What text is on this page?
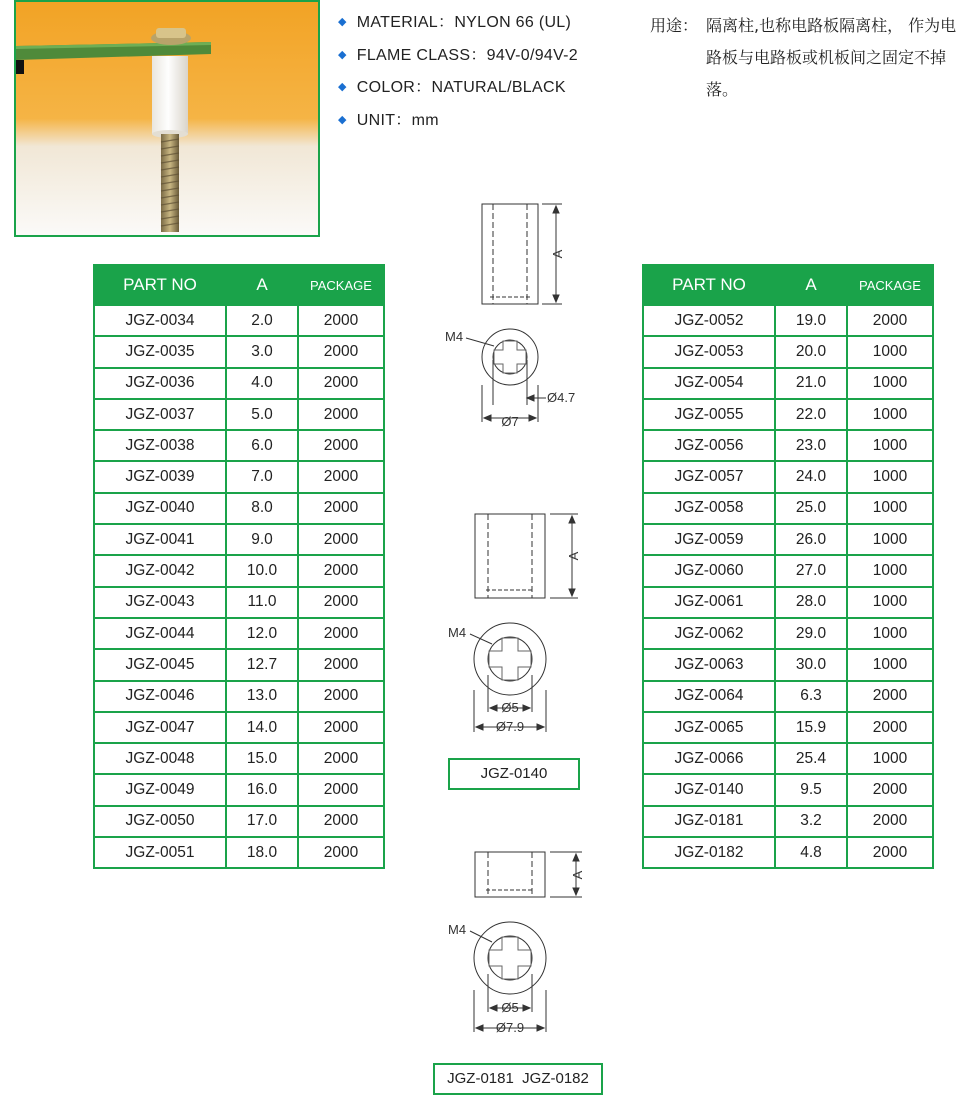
◆ MATERIAL：NYLON 66 (UL)
◆ FLAME CLASS：94V-0/94V-2
◆ COLOR：NATURAL/BLACK
◆ UNIT：mm
用途： 隔离柱,也称电路板隔离柱， 作为电路板与电路板或机板间之固定不掉落。
PART NO	A	PACKAGE
JGZ-0034	2.0	2000
JGZ-0035	3.0	2000
JGZ-0036	4.0	2000
JGZ-0037	5.0	2000
JGZ-0038	6.0	2000
JGZ-0039	7.0	2000
JGZ-0040	8.0	2000
JGZ-0041	9.0	2000
JGZ-0042	10.0	2000
JGZ-0043	11.0	2000
JGZ-0044	12.0	2000
JGZ-0045	12.7	2000
JGZ-0046	13.0	2000
JGZ-0047	14.0	2000
JGZ-0048	15.0	2000
JGZ-0049	16.0	2000
JGZ-0050	17.0	2000
JGZ-0051	18.0	2000
PART NO	A	PACKAGE
JGZ-0052	19.0	2000
JGZ-0053	20.0	1000
JGZ-0054	21.0	1000
JGZ-0055	22.0	1000
JGZ-0056	23.0	1000
JGZ-0057	24.0	1000
JGZ-0058	25.0	1000
JGZ-0059	26.0	1000
JGZ-0060	27.0	1000
JGZ-0061	28.0	1000
JGZ-0062	29.0	1000
JGZ-0063	30.0	1000
JGZ-0064	6.3	2000
JGZ-0065	15.9	2000
JGZ-0066	25.4	1000
JGZ-0140	9.5	2000
JGZ-0181	3.2	2000
JGZ-0182	4.8	2000
A
M4
Ø4.7
Ø7
A
M4
Ø5
Ø7.9
A
M4
Ø5
Ø7.9
JGZ-0140
JGZ-0181  JGZ-0182
